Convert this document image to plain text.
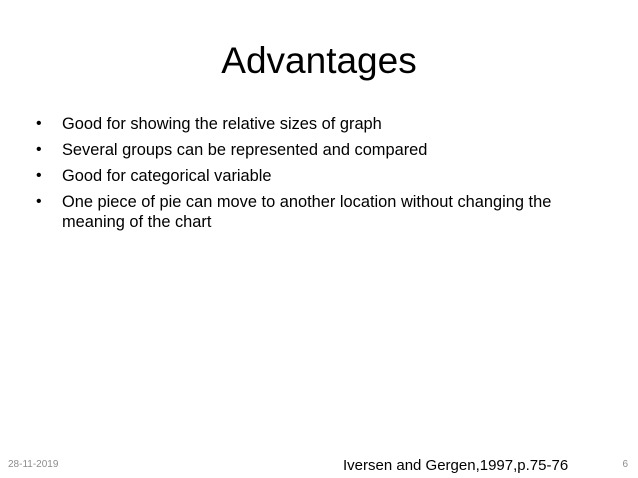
Advantages
• Good for showing the relative sizes of graph
• Several groups can be represented and compared
• Good for categorical variable
• One piece of pie can move to another location without changing the meaning of the chart
28-11-2019	Iversen and Gergen,1997,p.75-76	6
